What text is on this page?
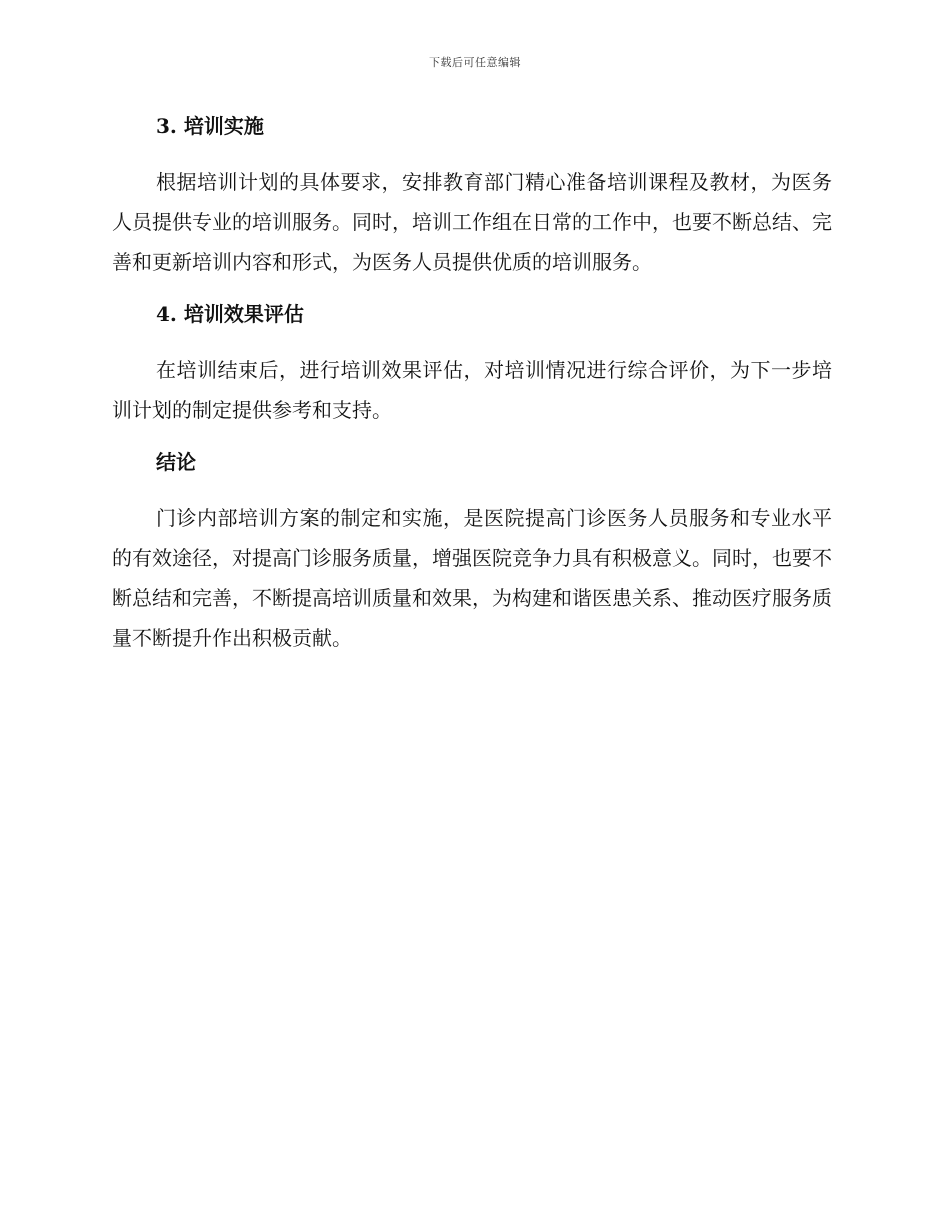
下载后可任意编辑
3. 培训实施

根据培训计划的具体要求，安排教育部门精心准备培训课程及教材，为医务人员提供专业的培训服务。同时，培训工作组在日常的工作中，也要不断总结、完善和更新培训内容和形式，为医务人员提供优质的培训服务。

4. 培训效果评估

在培训结束后，进行培训效果评估，对培训情况进行综合评价，为下一步培训计划的制定提供参考和支持。

结论

门诊内部培训方案的制定和实施，是医院提高门诊医务人员服务和专业水平的有效途径，对提高门诊服务质量，增强医院竞争力具有积极意义。同时，也要不断总结和完善，不断提高培训质量和效果，为构建和谐医患关系、推动医疗服务质量不断提升作出积极贡献。
